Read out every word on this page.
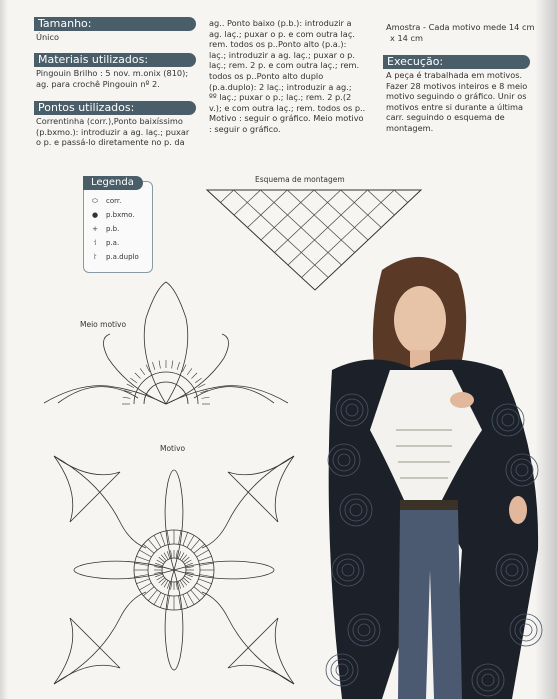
Tamanho:
Único
Materiais utilizados:
Pingouin Brilho : 5 nov. m.onix (810);
ag. para crochê Pingouin nº 2.
Pontos utilizados:
Correntinha (corr.),Ponto baixíssimo
(p.bxmo.): introduzir a ag. laç.; puxar
o p. e passá-lo diretamente no p. da
ag.. Ponto baixo (p.b.): introduzir a
ag. laç.; puxar o p. e com outra laç.
rem. todos os p..Ponto alto (p.a.):
laç.; introduzir a ag. laç.; puxar o p.
laç.; rem. 2 p. e com outra laç.; rem.
todos os p..Ponto alto duplo
(p.a.duplo): 2 laç.; introduzir a ag.;
ºº laç.; puxar o p.; laç.; rem. 2 p.(2
v.); e com outra laç.; rem. todos os p..
Motivo : seguir o gráfico. Meio motivo
: seguir o gráfico.
Amostra - Cada motivo mede 14 cm
x 14 cm
Execução:
A peça é trabalhada em motivos.
Fazer 28 motivos inteiros e 8 meio
motivo seguindo o gráfico. Unir os
motivos entre si durante a última
carr. seguindo o esquema de
montagem.
Legenda
⬭	corr.
●	p.bxmo.
+	p.b.
⸶	p.a.
⸷	p.a.duplo
Esquema de montagem
Meio motivo
Motivo
